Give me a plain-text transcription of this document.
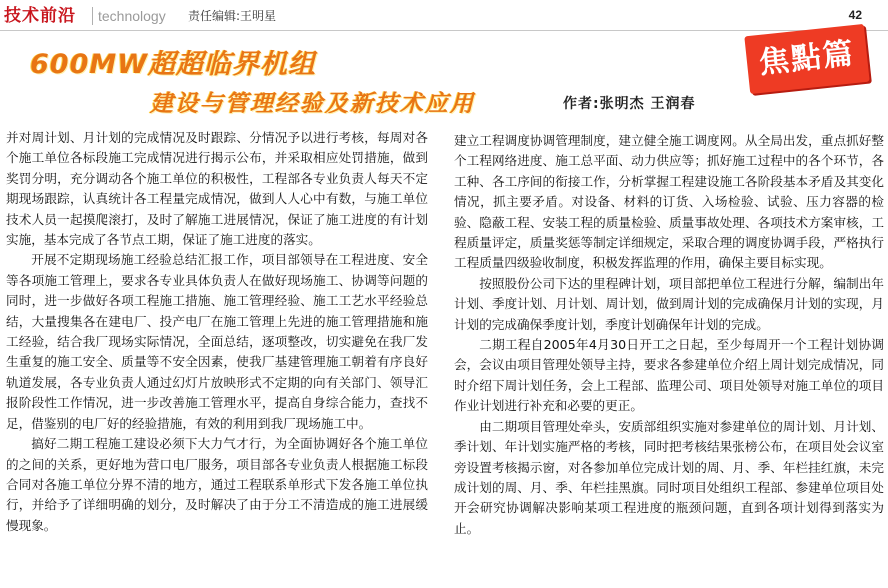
技术前沿 technology 责任编辑:王明星	42
600MW超超临界机组
建设与管理经验及新技术应用	作者:张明杰 王润春
焦點篇

并对周计划、月计划的完成情况及时跟踪、分情况予以进行考核，每周对各个施工单位各标段施工完成情况进行揭示公布，并采取相应处罚措施，做到奖罚分明，充分调动各个施工单位的积极性，工程部各专业负责人每天不定期现场跟踪，认真统计各工程量完成情况，做到人人心中有数，与施工单位技术人员一起摸爬滚打，及时了解施工进展情况，保证了施工进度的有计划实施，基本完成了各节点工期，保证了施工进度的落实。

开展不定期现场施工经验总结汇报工作，项目部领导在工程进度、安全等各项施工管理上，要求各专业具体负责人在做好现场施工、协调等问题的同时，进一步做好各项工程施工措施、施工管理经验、施工工艺水平经验总结，大量搜集各在建电厂、投产电厂在施工管理上先进的施工管理措施和施工经验，结合我厂现场实际情况，全面总结，逐项整改，切实避免在我厂发生重复的施工安全、质量等不安全因素，使我厂基建管理施工朝着有序良好轨道发展，各专业负责人通过幻灯片放映形式不定期的向有关部门、领导汇报阶段性工作情况，进一步改善施工管理水平，提高自身综合能力，查找不足，借鉴别的电厂好的经验措施，有效的利用到我厂现场施工中。

搞好二期工程施工建设必须下大力气才行，为全面协调好各个施工单位的之间的关系，更好地为营口电厂服务，项目部各专业负责人根据施工标段合同对各施工单位分界不清的地方，通过工程联系单形式下发各施工单位执行，并给予了详细明确的划分，及时解决了由于分工不清造成的施工进展缓慢现象。

建立工程调度协调管理制度，建立健全施工调度网。从全局出发，重点抓好整个工程网络进度、施工总平面、动力供应等；抓好施工过程中的各个环节，各工种、各工序间的衔接工作，分析掌握工程建设施工各阶段基本矛盾及其变化情况，抓主要矛盾。对设备、材料的订货、入场检验、试验、压力容器的检验、隐蔽工程、安装工程的质量检验、质量事故处理、各项技术方案审核，工程质量评定，质量奖惩等制定详细规定，采取合理的调度协调手段，严格执行工程质量四级验收制度，积极发挥监理的作用，确保主要目标实现。

按照股份公司下达的里程碑计划，项目部把单位工程进行分解，编制出年计划、季度计划、月计划、周计划，做到周计划的完成确保月计划的实现，月计划的完成确保季度计划，季度计划确保年计划的完成。

二期工程自2005年4月30日开工之日起，至少每周开一个工程计划协调会，会议由项目管理处领导主持，要求各参建单位介绍上周计划完成情况，同时介绍下周计划任务，会上工程部、监理公司、项目处领导对施工单位的项目作业计划进行补充和必要的更正。

由二期项目管理处牵头，安质部组织实施对参建单位的周计划、月计划、季计划、年计划实施严格的考核，同时把考核结果张榜公布，在项目处会议室旁设置考核揭示窗，对各参加单位完成计划的周、月、季、年栏挂红旗，未完成计划的周、月、季、年栏挂黑旗。同时项目处组织工程部、参建单位项目处开会研究协调解决影响某项工程进度的瓶颈问题，直到各项计划得到落实为止。
